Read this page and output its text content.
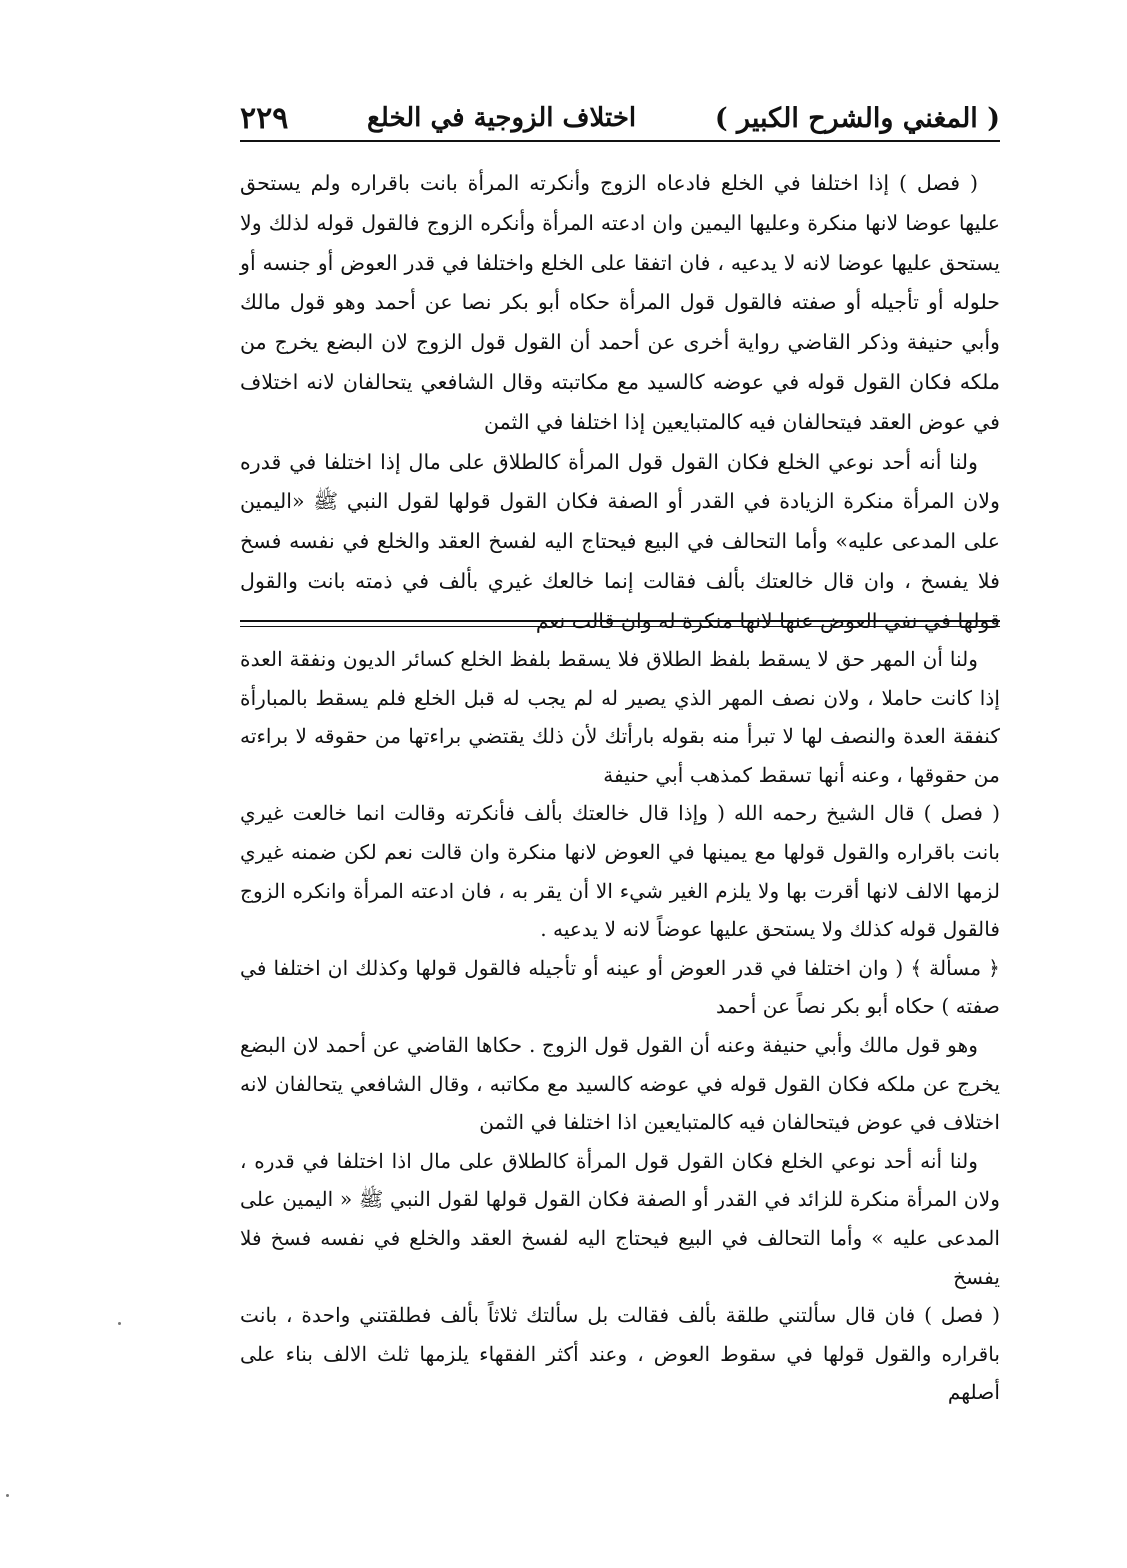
( المغني والشرح الكبير )
اختلاف الزوجية في الخلع
٢٢٩

( فصل ) إذا اختلفا في الخلع فادعاه الزوج وأنكرته المرأة بانت باقراره ولم يستحق عليها عوضا لانها منكرة وعليها اليمين وان ادعته المرأة وأنكره الزوج فالقول قوله لذلك ولا يستحق عليها عوضا لانه لا يدعيه ، فان اتفقا على الخلع واختلفا في قدر العوض أو جنسه أو حلوله أو تأجيله أو صفته فالقول قول المرأة حكاه أبو بكر نصا عن أحمد وهو قول مالك وأبي حنيفة وذكر القاضي رواية أخرى عن أحمد أن القول قول الزوج لان البضع يخرج من ملكه فكان القول قوله في عوضه كالسيد مع مكاتبته وقال الشافعي يتحالفان لانه اختلاف في عوض العقد فيتحالفان فيه كالمتبايعين إذا اختلفا في الثمن

ولنا أنه أحد نوعي الخلع فكان القول قول المرأة كالطلاق على مال إذا اختلفا في قدره ولان المرأة منكرة الزيادة في القدر أو الصفة فكان القول قولها لقول النبي ﷺ «اليمين على المدعى عليه» وأما التحالف في البيع فيحتاج اليه لفسخ العقد والخلع في نفسه فسخ فلا يفسخ ، وان قال خالعتك بألف فقالت إنما خالعك غيري بألف في ذمته بانت والقول قولها في نفي العوض عنها لانها منكرة له وان قالت نعم

ولنا أن المهر حق لا يسقط بلفظ الطلاق فلا يسقط بلفظ الخلع كسائر الديون ونفقة العدة إذا كانت حاملا ، ولان نصف المهر الذي يصير له لم يجب له قبل الخلع فلم يسقط بالمبارأة كنفقة العدة والنصف لها لا تبرأ منه بقوله بارأتك لأن ذلك يقتضي براءتها من حقوقه لا براءته من حقوقها ، وعنه أنها تسقط كمذهب أبي حنيفة

( فصل ) قال الشيخ رحمه الله ( وإذا قال خالعتك بألف فأنكرته وقالت انما خالعت غيري بانت باقراره والقول قولها مع يمينها في العوض لانها منكرة وان قالت نعم لكن ضمنه غيري لزمها الالف لانها أقرت بها ولا يلزم الغير شيء الا أن يقر به ، فان ادعته المرأة وانكره الزوج فالقول قوله كذلك ولا يستحق عليها عوضاً لانه لا يدعيه .

﴿ مسألة ﴾ ( وان اختلفا في قدر العوض أو عينه أو تأجيله فالقول قولها وكذلك ان اختلفا في صفته ) حكاه أبو بكر نصاً عن أحمد

وهو قول مالك وأبي حنيفة وعنه أن القول قول الزوج . حكاها القاضي عن أحمد لان البضع يخرج عن ملكه فكان القول قوله في عوضه كالسيد مع مكاتبه ، وقال الشافعي يتحالفان لانه اختلاف في عوض فيتحالفان فيه كالمتبايعين اذا اختلفا في الثمن

ولنا أنه أحد نوعي الخلع فكان القول قول المرأة كالطلاق على مال اذا اختلفا في قدره ، ولان المرأة منكرة للزائد في القدر أو الصفة فكان القول قولها لقول النبي ﷺ « اليمين على المدعى عليه » وأما التحالف في البيع فيحتاج اليه لفسخ العقد والخلع في نفسه فسخ فلا يفسخ

( فصل ) فان قال سألتني طلقة بألف فقالت بل سألتك ثلاثاً بألف فطلقتني واحدة ، بانت باقراره والقول قولها في سقوط العوض ، وعند أكثر الفقهاء يلزمها ثلث الالف بناء على أصلهم
